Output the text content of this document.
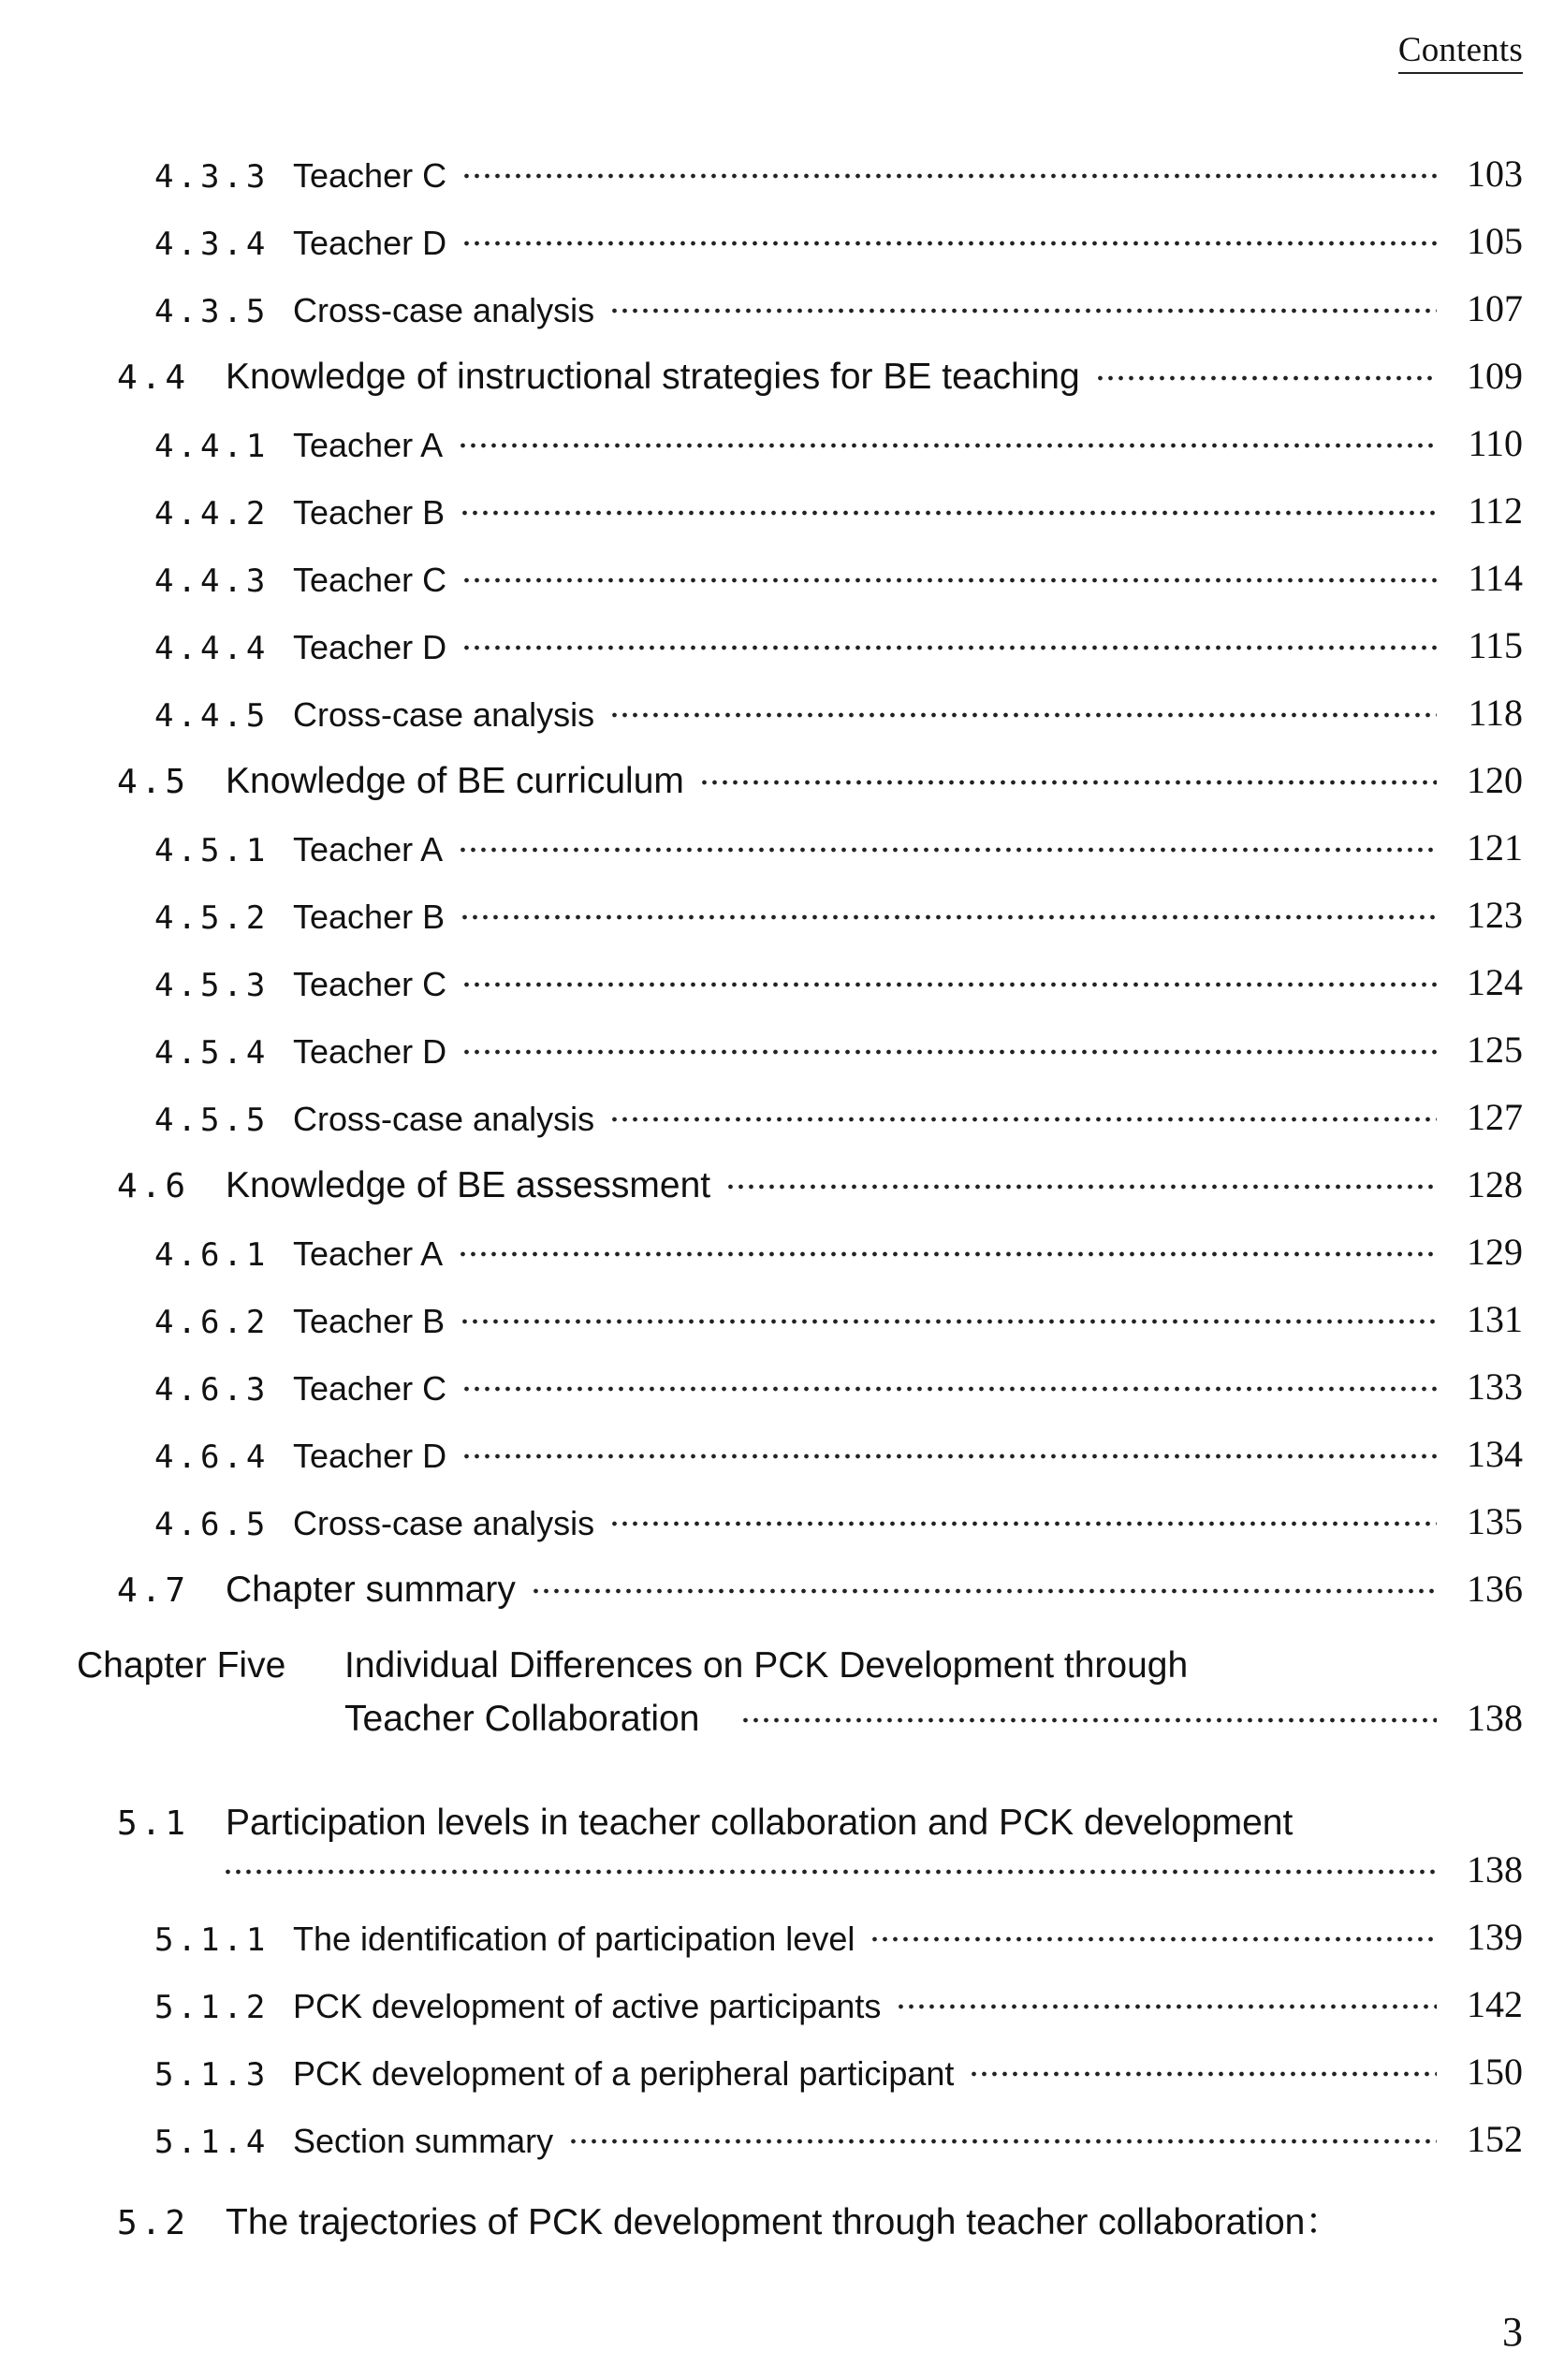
Contents
4.3.3 Teacher C	103
4.3.4 Teacher D	105
4.3.5 Cross-case analysis	107
4.4 Knowledge of instructional strategies for BE teaching	109
4.4.1 Teacher A	110
4.4.2 Teacher B	112
4.4.3 Teacher C	114
4.4.4 Teacher D	115
4.4.5 Cross-case analysis	118
4.5 Knowledge of BE curriculum	120
4.5.1 Teacher A	121
4.5.2 Teacher B	123
4.5.3 Teacher C	124
4.5.4 Teacher D	125
4.5.5 Cross-case analysis	127
4.6 Knowledge of BE assessment	128
4.6.1 Teacher A	129
4.6.2 Teacher B	131
4.6.3 Teacher C	133
4.6.4 Teacher D	134
4.6.5 Cross-case analysis	135
4.7 Chapter summary	136
Chapter Five Individual Differences on PCK Development through
Teacher Collaboration	138
5.1 Participation levels in teacher collaboration and PCK development
138
5.1.1 The identification of participation level	139
5.1.2 PCK development of active participants	142
5.1.3 PCK development of a peripheral participant	150
5.1.4 Section summary	152
5.2 The trajectories of PCK development through teacher collaboration：
3
